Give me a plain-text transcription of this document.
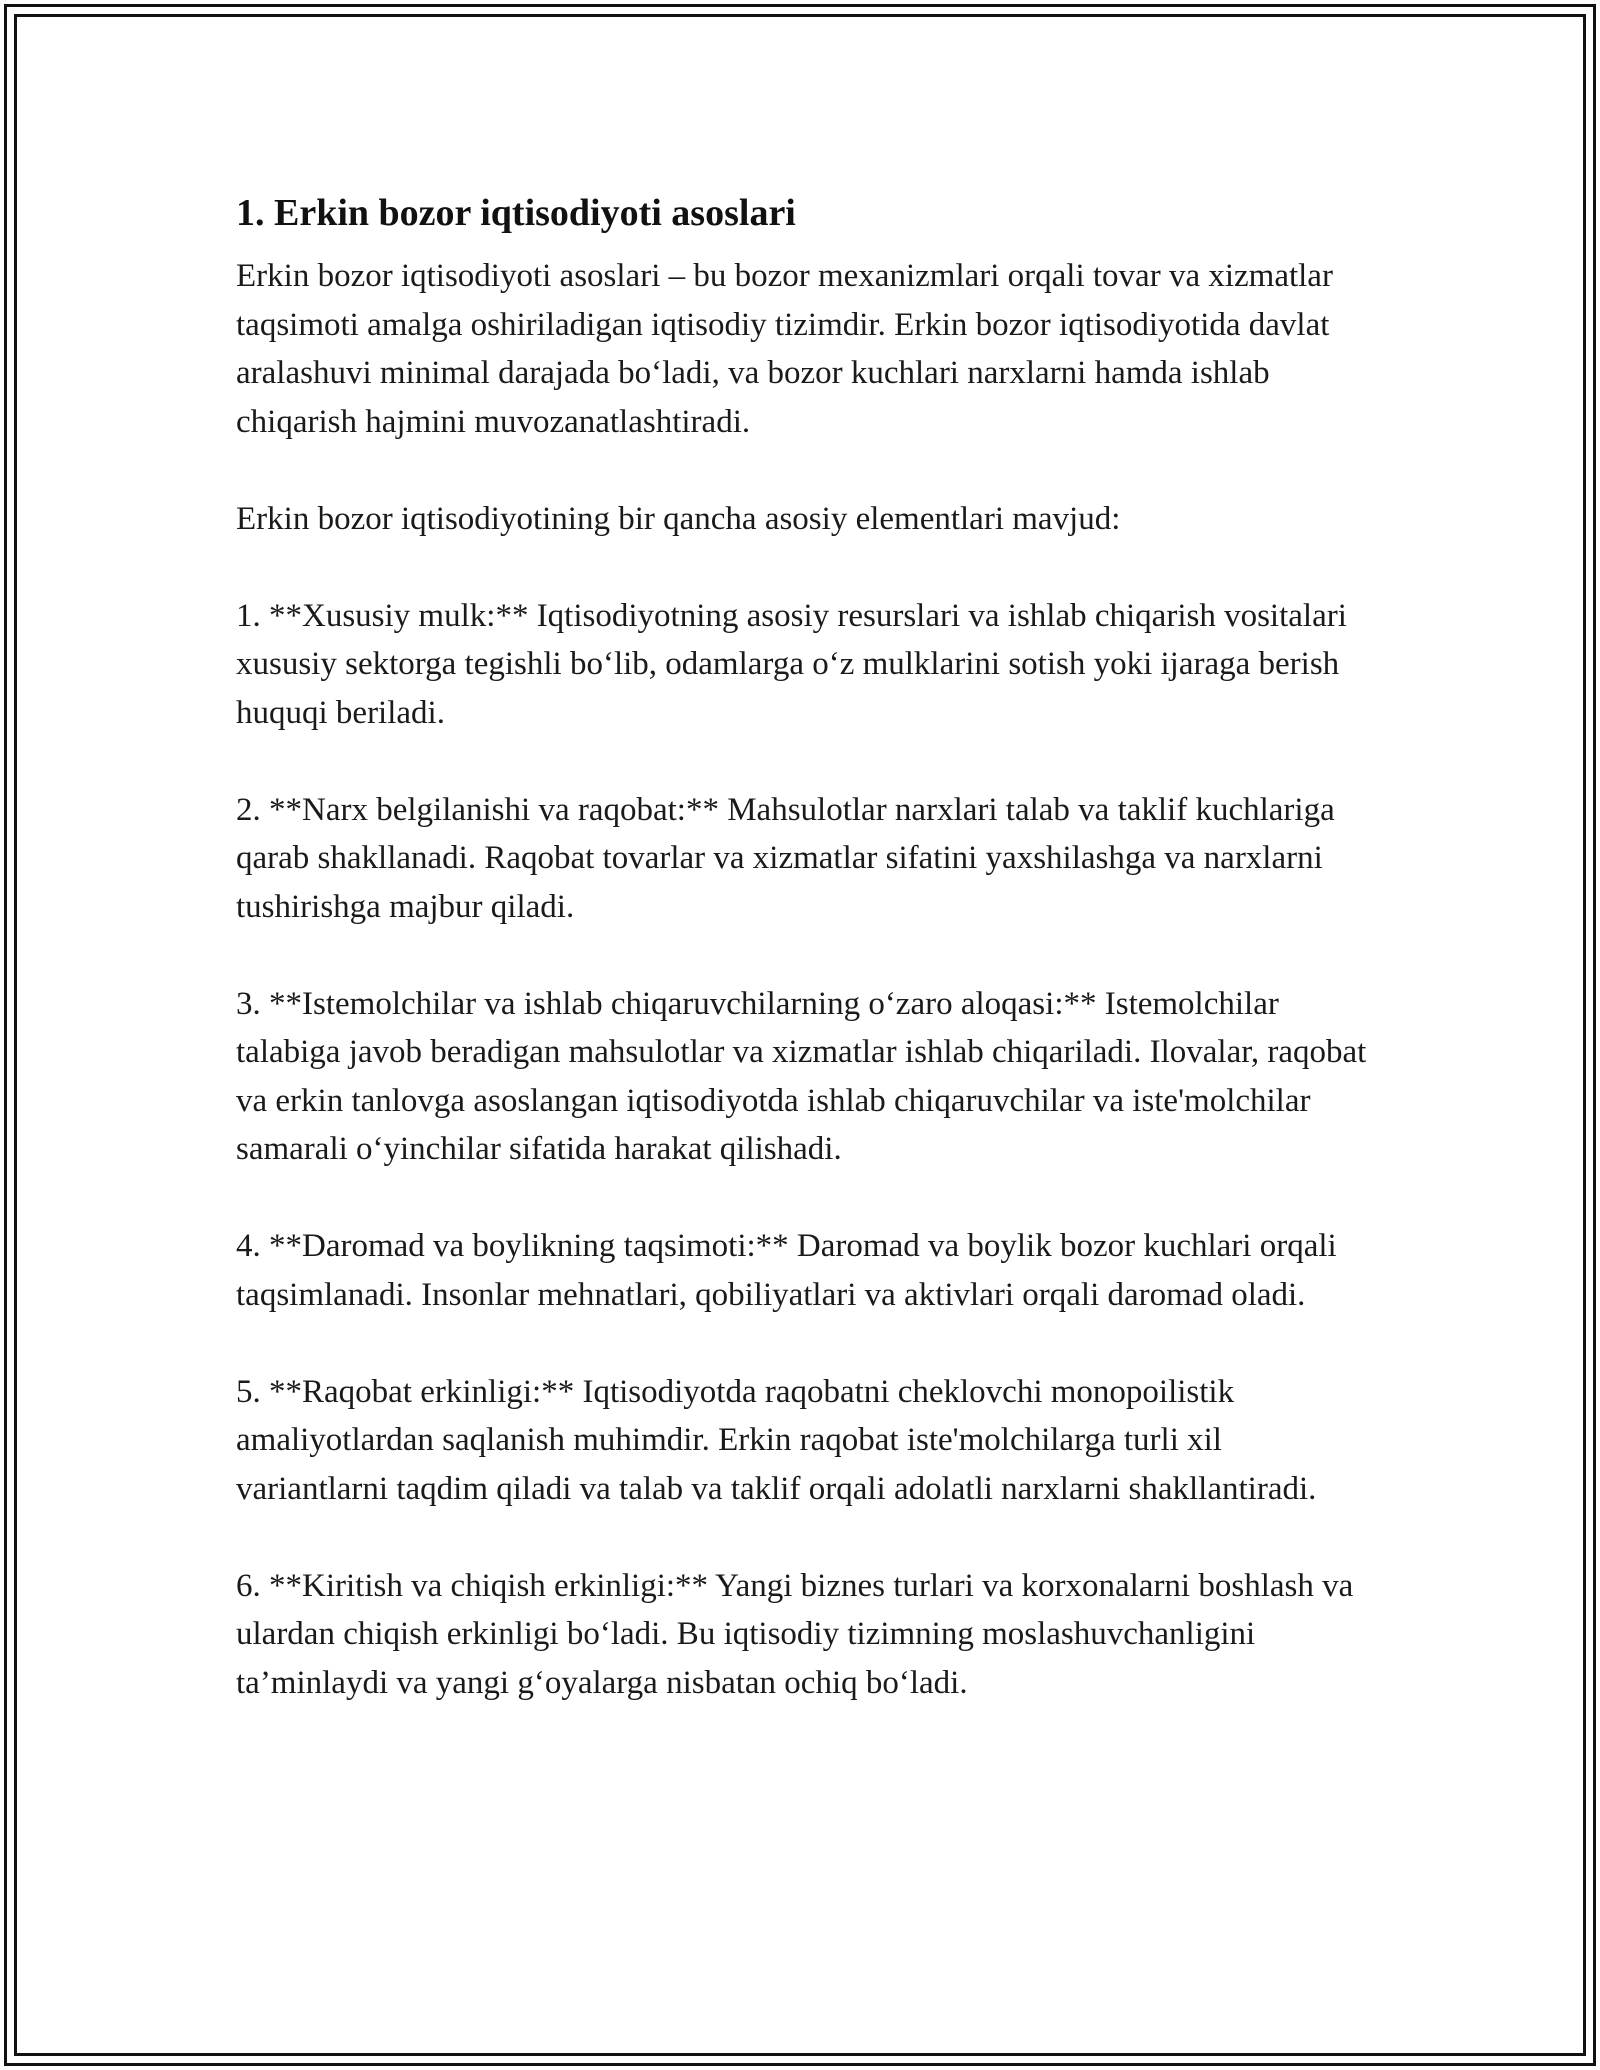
1. Erkin bozor iqtisodiyoti asoslari

Erkin bozor iqtisodiyoti asoslari – bu bozor mexanizmlari orqali tovar va xizmatlar taqsimoti amalga oshiriladigan iqtisodiy tizimdir. Erkin bozor iqtisodiyotida davlat aralashuvi minimal darajada bo‘ladi, va bozor kuchlari narxlarni hamda ishlab chiqarish hajmini muvozanatlashtiradi.

Erkin bozor iqtisodiyotining bir qancha asosiy elementlari mavjud:

1. **Xususiy mulk:** Iqtisodiyotning asosiy resurslari va ishlab chiqarish vositalari xususiy sektorga tegishli bo‘lib, odamlarga o‘z mulklarini sotish yoki ijaraga berish huquqi beriladi.

2. **Narx belgilanishi va raqobat:** Mahsulotlar narxlari talab va taklif kuchlariga qarab shakllanadi. Raqobat tovarlar va xizmatlar sifatini yaxshilashga va narxlarni tushirishga majbur qiladi.

3. **Istemolchilar va ishlab chiqaruvchilarning o‘zaro aloqasi:** Istemolchilar talabiga javob beradigan mahsulotlar va xizmatlar ishlab chiqariladi. Ilovalar, raqobat va erkin tanlovga asoslangan iqtisodiyotda ishlab chiqaruvchilar va iste'molchilar samarali o‘yinchilar sifatida harakat qilishadi.

4. **Daromad va boylikning taqsimoti:** Daromad va boylik bozor kuchlari orqali taqsimlanadi. Insonlar mehnatlari, qobiliyatlari va aktivlari orqali daromad oladi.

5. **Raqobat erkinligi:** Iqtisodiyotda raqobatni cheklovchi monopoilistik amaliyotlardan saqlanish muhimdir. Erkin raqobat iste'molchilarga turli xil variantlarni taqdim qiladi va talab va taklif orqali adolatli narxlarni shakllantiradi.

6. **Kiritish va chiqish erkinligi:** Yangi biznes turlari va korxonalarni boshlash va ulardan chiqish erkinligi bo‘ladi. Bu iqtisodiy tizimning moslashuvchanligini ta’minlaydi va yangi g‘oyalarga nisbatan ochiq bo‘ladi.
